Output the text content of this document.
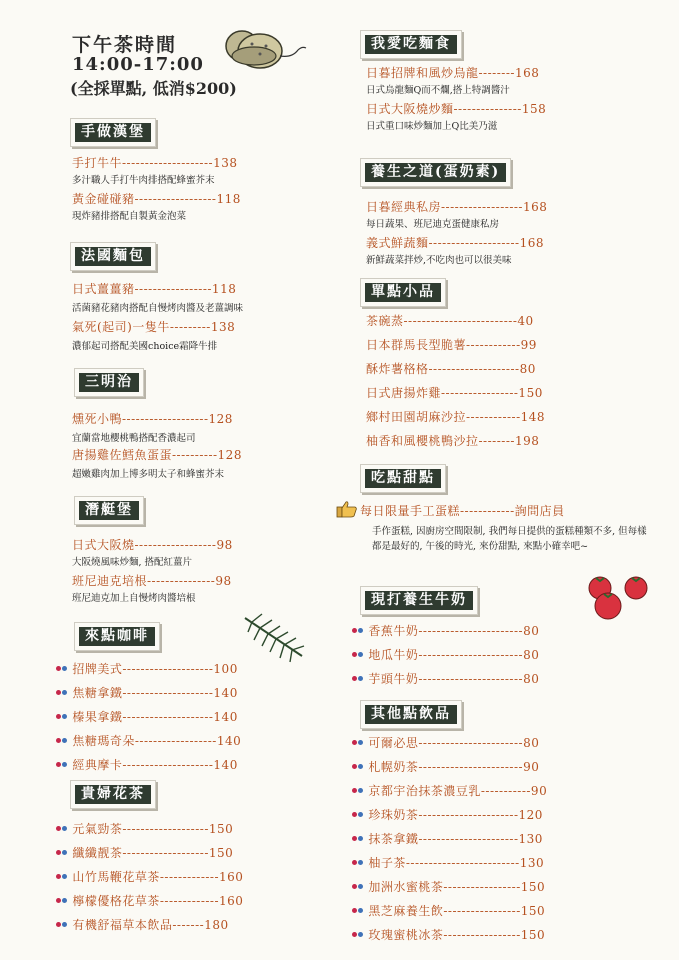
下午茶時間
14:00-17:00
(全採單點, 低消$200)
手做漢堡
手打牛牛--------------------138
多汁職人手打牛肉排搭配蜂蜜芥末
黃金碰碰豬------------------118
現炸豬排搭配自製黃金泡菜
法國麵包
日式薑薑豬-----------------118
活菌豬花豬肉搭配自慢烤肉醬及老薑調味
氣死(起司)一隻牛---------138
濃郁起司搭配美國choice霜降牛排
三明治
燻死小鴨-------------------128
宜蘭當地櫻桃鴨搭配香濃起司
唐揚雞佐鱈魚蛋蛋----------128
超嫩雞肉加上博多明太子和蜂蜜芥末
潛艇堡
日式大阪燒------------------98
大阪燒風味炒麵, 搭配紅薑片
班尼迪克培根---------------98
班尼迪克加上自慢烤肉醬培根
來點咖啡
招牌美式--------------------100
焦糖拿鐵--------------------140
榛果拿鐵--------------------140
焦糖瑪奇朵------------------140
經典摩卡--------------------140
貴婦花茶
元氣勁茶-------------------150
纖纖靓茶-------------------150
山竹馬鞭花草茶-------------160
檸檬優格花草茶-------------160
有機舒福草本飲品-------180
我愛吃麵食
日暮招牌和風炒烏龍--------168
日式烏龍麵Q而不爛,搭上特調醬汁
日式大阪燒炒麵---------------158
日式重口味炒麵加上Q比美乃滋
養生之道(蛋奶素)
日暮經典私房------------------168
每日蔬果、班尼迪克蛋健康私房
義式鮮蔬麵--------------------168
新鮮蔬菜拌炒,不吃肉也可以很美味
單點小品
茶碗蒸-------------------------40
日本群馬長型脆薯------------99
酥炸薯格格--------------------80
日式唐揚炸雞-----------------150
鄉村田園胡麻沙拉------------148
柚香和風櫻桃鴨沙拉--------198
吃點甜點
每日限量手工蛋糕------------詢問店員
手作蛋糕, 因廚房空間限制, 我們每日提供的蛋糕種類不多, 但每樣都是最好的, 午後的時光, 來份甜點, 來點小確幸吧~
現打養生牛奶
香蕉牛奶-----------------------80
地瓜牛奶-----------------------80
芋頭牛奶-----------------------80
其他點飲品
可爾必思-----------------------80
札幌奶茶-----------------------90
京都宇治抹茶濃豆乳-----------90
珍珠奶茶----------------------120
抹茶拿鐵----------------------130
柚子茶-------------------------130
加洲水蜜桃茶-----------------150
黑芝麻養生飲-----------------150
玫瑰蜜桃冰茶-----------------150
